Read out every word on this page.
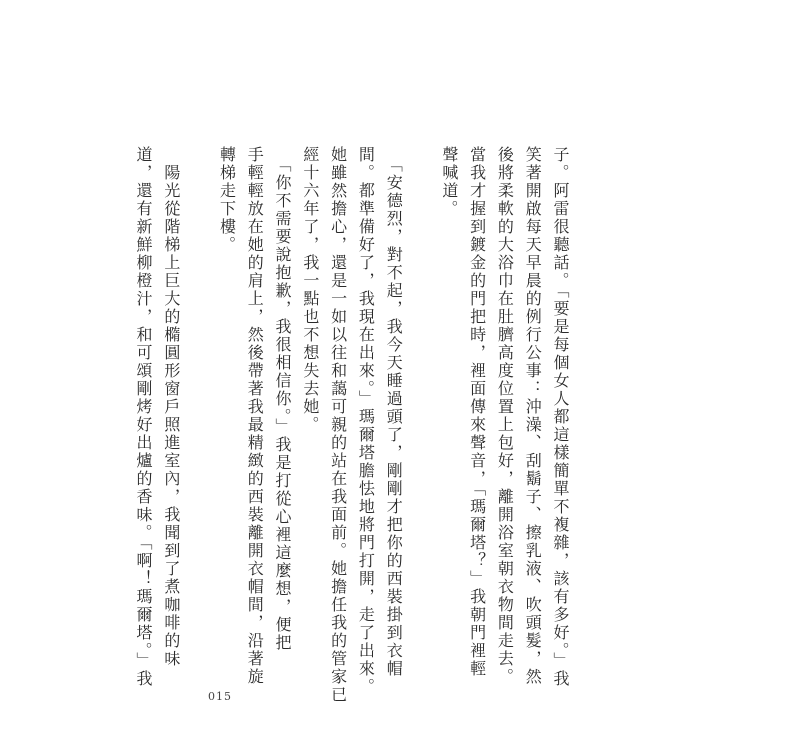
子。阿雷很聽話。「要是每個女人都這樣簡單不複雜，該有多好。」我
笑著開啟每天早晨的例行公事：沖澡、刮鬍子、擦乳液、吹頭髮，然
後將柔軟的大浴巾在肚臍高度位置上包好，離開浴室朝衣物間走去。
當我才握到鍍金的門把時，裡面傳來聲音，「瑪爾塔？」我朝門裡輕
聲喊道。

　「安德烈，對不起，我今天睡過頭了，剛剛才把你的西裝掛到衣帽
間。都準備好了，我現在出來。」瑪爾塔膽怯地將門打開，走了出來。
她雖然擔心，還是一如以往和藹可親的站在我面前。她擔任我的管家已
經十六年了，我一點也不想失去她。
　「你不需要說抱歉，我很相信你。」我是打從心裡這麼想，便把
手輕輕放在她的肩上，然後帶著我最精緻的西裝離開衣帽間，沿著旋
轉梯走下樓。

　陽光從階梯上巨大的橢圓形窗戶照進室內，我聞到了煮咖啡的味
道，還有新鮮柳橙汁，和可頌剛烤好出爐的香味。「啊！瑪爾塔。」我
015
